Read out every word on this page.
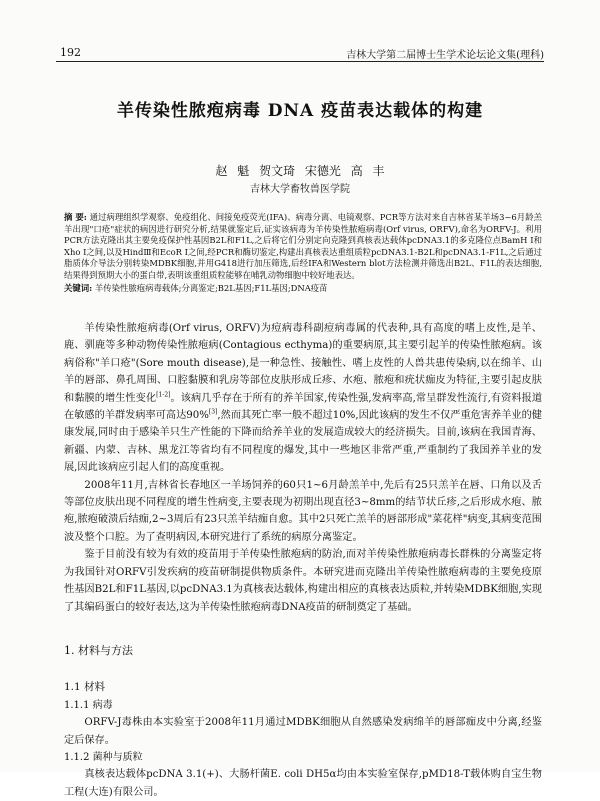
192	吉林大学第二届博士生学术论坛论文集(理科)
羊传染性脓疱病毒 DNA 疫苗表达载体的构建
赵 魁 贺文琦 宋德光 高 丰
吉林大学畜牧兽医学院
摘 要: 通过病理组织学观察、免疫组化、间接免疫荧光(IFA)、病毒分离、电镜观察、PCR等方法对来自吉林省某羊场3~6月龄羔羊出现"口疮"症状的病因进行研究分析,结果就鉴定后,证实该病毒为羊传染性脓疱病毒(Orf virus, ORFV),命名为ORFV-J。利用PCR方法克隆出其主要免疫保护性基因B2L和F1L,之后将它们分别定向克隆到真核表达载体pcDNA3.1的多克隆位点BamH I和Xho I之间,以及HindⅢ和EcoR I之间,经PCR和酶切鉴定,构建出真核表达重组质粒pcDNA3.1-B2L和pcDNA3.1-F1L,之后通过脂质体介导法分别转染MDBK细胞,并用G418进行加压筛选,后经IFA和Western blot方法检测并筛选出B2L、F1L的表达细胞,结果得到预期大小的蛋白带,表明该重组质粒能够在哺乳动物细胞中较好地表达。
关键词: 羊传染性脓疱病毒载体;分离鉴定;B2L基因;F1L基因;DNA疫苗

羊传染性脓疱病毒(Orf virus, ORFV)为痘病毒科副痘病毒属的代表种,具有高度的嗜上皮性,是羊、鹿、驯鹿等多种动物传染性脓疱病(Contagious ecthyma)的重要病原,其主要引起羊的传染性脓疱病。该病俗称"羊口疮"(Sore mouth disease),是一种急性、接触性、嗜上皮性的人兽共患传染病,以在绵羊、山羊的唇部、鼻孔周围、口腔黏膜和乳房等部位皮肤形成丘疹、水疱、脓疱和疣状痂皮为特征,主要引起皮肤和黏膜的增生性变化[1-2]。该病几乎存在于所有的养羊国家,传染性强,发病率高,常呈群发性流行,有资料报道在敏感的羊群发病率可高达90%[3],然而其死亡率一般不超过10%,因此该病的发生不仅严重危害养羊业的健康发展,同时由于感染羊只生产性能的下降而给养羊业的发展造成较大的经济损失。目前,该病在我国青海、新疆、内蒙、吉林、黑龙江等省均有不同程度的爆发,其中一些地区非常严重,严重制约了我国养羊业的发展,因此该病应引起人们的高度重视。

2008年11月,吉林省长春地区一羊场饲养的60只1~6月龄羔羊中,先后有25只羔羊在唇、口角以及舌等部位皮肤出现不同程度的增生性病变,主要表现为初期出现直径3~8mm的结节状丘疹,之后形成水疱、脓疱,脓疱破溃后结痂,2~3周后有23只羔羊结痂自愈。其中2只死亡羔羊的唇部形成"菜花样"病变,其病变范围波及整个口腔。为了查明病因,本研究进行了系统的病原分离鉴定。

鉴于目前没有较为有效的疫苗用于羊传染性脓疱病的防治,而对羊传染性脓疱病毒长群株的分离鉴定将为我国针对ORFV引发疾病的疫苗研制提供物质条件。本研究进而克隆出羊传染性脓疱病毒的主要免疫原性基因B2L和F1L基因,以pcDNA3.1为真核表达载体,构建出相应的真核表达质粒,并转染MDBK细胞,实现了其编码蛋白的较好表达,这为羊传染性脓疱病毒DNA疫苗的研制奠定了基础。

1. 材料与方法
1.1 材料
1.1.1 病毒

ORFV-J毒株由本实验室于2008年11月通过MDBK细胞从自然感染发病绵羊的唇部痂皮中分离,经鉴定后保存。

1.1.2 菌种与质粒

真核表达载体pcDNA 3.1(+)、大肠杆菌E. coli DH5α均由本实验室保存,pMD18-T载体购自宝生物工程(大连)有限公司。
